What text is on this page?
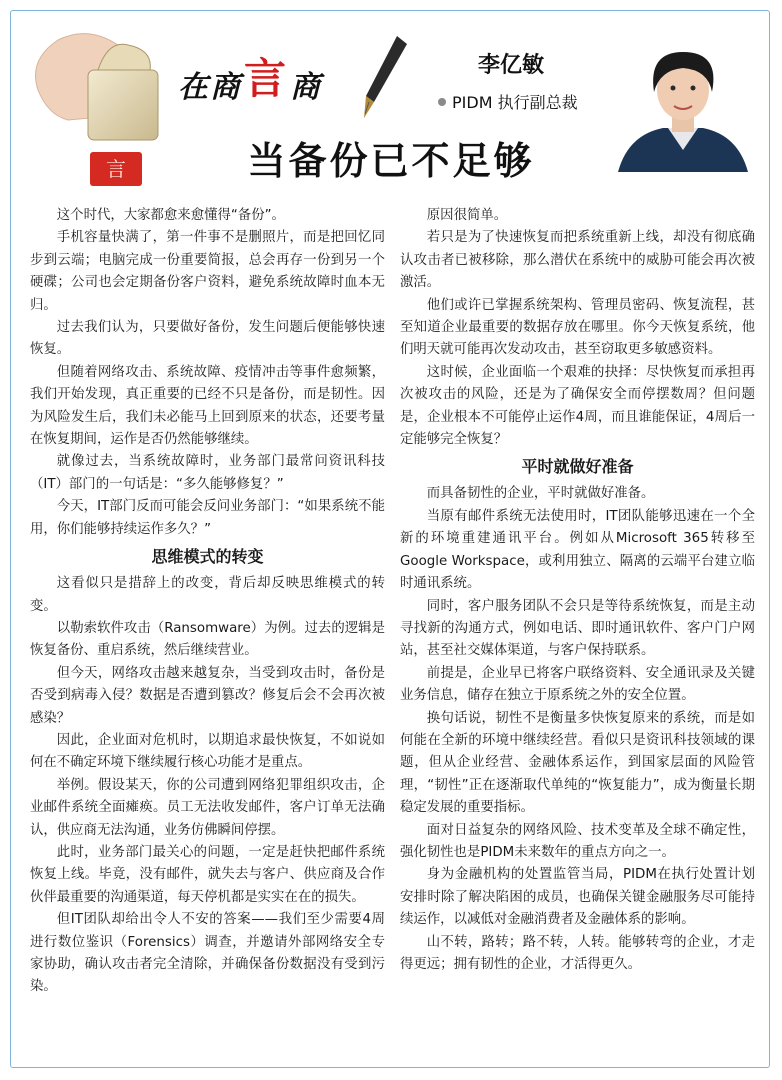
言
在商 言 商
李亿敏
PIDM 执行副总裁
当备份已不足够

这个时代，大家都愈来愈懂得“备份”。

手机容量快满了，第一件事不是删照片，而是把回忆同步到云端；电脑完成一份重要简报，总会再存一份到另一个硬碟；公司也会定期备份客户资料，避免系统故障时血本无归。

过去我们认为，只要做好备份，发生问题后便能够快速恢复。

但随着网络攻击、系统故障、疫情冲击等事件愈频繁，我们开始发现，真正重要的已经不只是备份，而是韧性。因为风险发生后，我们未必能马上回到原来的状态，还要考量在恢复期间，运作是否仍然能够继续。

就像过去，当系统故障时，业务部门最常问资讯科技（IT）部门的一句话是：“多久能够修复？”

今天，IT部门反而可能会反问业务部门：“如果系统不能用，你们能够持续运作多久？”

思维模式的转变

这看似只是措辞上的改变，背后却反映思维模式的转变。

以勒索软件攻击（Ransomware）为例。过去的逻辑是恢复备份、重启系统，然后继续营业。

但今天，网络攻击越来越复杂，当受到攻击时，备份是否受到病毒入侵？数据是否遭到篡改？修复后会不会再次被感染？

因此，企业面对危机时，以期追求最快恢复，不如说如何在不确定环境下继续履行核心功能才是重点。

举例。假设某天，你的公司遭到网络犯罪组织攻击，企业邮件系统全面瘫痪。员工无法收发邮件，客户订单无法确认，供应商无法沟通，业务仿佛瞬间停摆。

此时，业务部门最关心的问题，一定是赶快把邮件系统恢复上线。毕竟，没有邮件，就失去与客户、供应商及合作伙伴最重要的沟通渠道，每天停机都是实实在在的损失。

但IT团队却给出令人不安的答案——我们至少需要4周进行数位鉴识（Forensics）调查，并邀请外部网络安全专家协助，确认攻击者完全清除，并确保备份数据没有受到污染。

原因很简单。

若只是为了快速恢复而把系统重新上线，却没有彻底确认攻击者已被移除，那么潜伏在系统中的威胁可能会再次被激活。

他们或许已掌握系统架构、管理员密码、恢复流程，甚至知道企业最重要的数据存放在哪里。你今天恢复系统，他们明天就可能再次发动攻击，甚至窃取更多敏感资料。

这时候，企业面临一个艰难的抉择：尽快恢复而承担再次被攻击的风险，还是为了确保安全而停摆数周？但问题是，企业根本不可能停止运作4周，而且谁能保证，4周后一定能够完全恢复？

平时就做好准备

而具备韧性的企业，平时就做好准备。

当原有邮件系统无法使用时，IT团队能够迅速在一个全新的环境重建通讯平台。例如从Microsoft 365转移至Google Workspace，或利用独立、隔离的云端平台建立临时通讯系统。

同时，客户服务团队不会只是等待系统恢复，而是主动寻找新的沟通方式，例如电话、即时通讯软件、客户门户网站，甚至社交媒体渠道，与客户保持联系。

前提是，企业早已将客户联络资料、安全通讯录及关键业务信息，储存在独立于原系统之外的安全位置。

换句话说，韧性不是衡量多快恢复原来的系统，而是如何能在全新的环境中继续经营。看似只是资讯科技领域的课题，但从企业经营、金融体系运作，到国家层面的风险管理，“韧性”正在逐渐取代单纯的“恢复能力”，成为衡量长期稳定发展的重要指标。

面对日益复杂的网络风险、技术变革及全球不确定性，强化韧性也是PIDM未来数年的重点方向之一。

身为金融机构的处置监管当局，PIDM在执行处置计划安排时除了解决陷困的成员，也确保关键金融服务尽可能持续运作，以减低对金融消费者及金融体系的影响。

山不转，路转；路不转，人转。能够转弯的企业，才走得更远；拥有韧性的企业，才活得更久。
